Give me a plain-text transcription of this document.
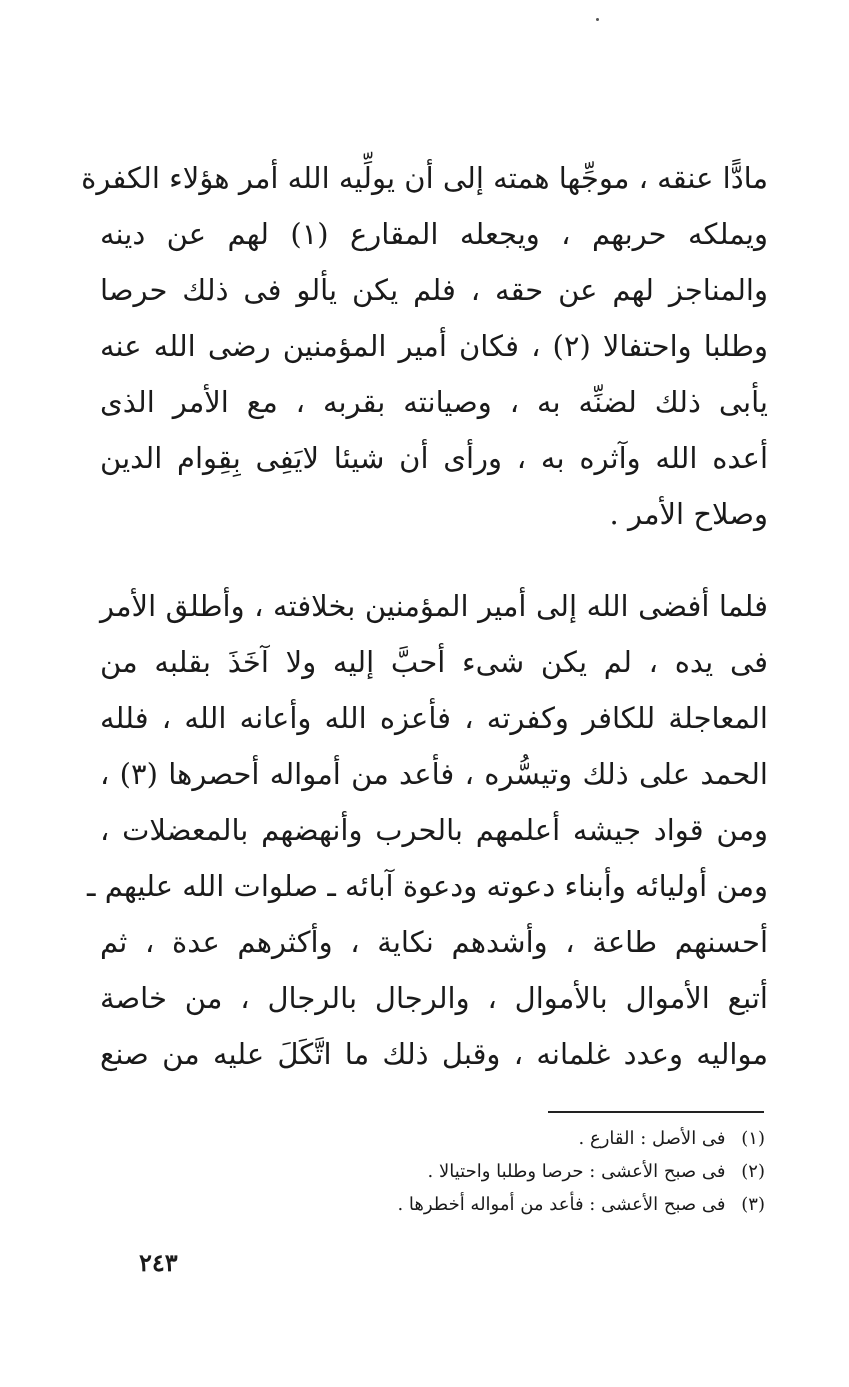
مادًّا عنقه ، موجِّها همته إلى أن يولِّيه الله أمر هؤلاء الكفرة
ويملكه حربهم ، ويجعله المقارع (١) لهم عن دينه
والمناجز لهم عن حقه ، فلم يكن يألو فى ذلك حرصا
وطلبا واحتفالا (٢) ، فكان أمير المؤمنين رضى الله عنه
يأبى ذلك لضنِّه به ، وصيانته بقربه ، مع الأمر الذى
أعده الله وآثره به ، ورأى أن شيئا لايَفِى بِقِوام الدين
وصلاح الأمر .
فلما أفضى الله إلى أمير المؤمنين بخلافته ، وأطلق الأمر
فى يده ، لم يكن شىء أحبَّ إليه ولا آخَذَ بقلبه من
المعاجلة للكافر وكفرته ، فأعزه الله وأعانه الله ، فلله
الحمد على ذلك وتيسُّره ، فأعد من أمواله أحصرها (٣) ،
ومن قواد جيشه أعلمهم بالحرب وأنهضهم بالمعضلات ،
ومن أوليائه وأبناء دعوته ودعوة آبائه ـ صلوات الله عليهم ـ
أحسنهم طاعة ، وأشدهم نكاية ، وأكثرهم عدة ، ثم
أتبع الأموال بالأموال ، والرجال بالرجال ، من خاصة
مواليه وعدد غلمانه ، وقبل ذلك ما اتَّكَلَ عليه من صنع
(١) فى الأصل : القارع .
(٢) فى صبح الأعشى : حرصا وطلبا واحتيالا .
(٣) فى صبح الأعشى : فأعد من أمواله أخطرها .
٢٤٣
